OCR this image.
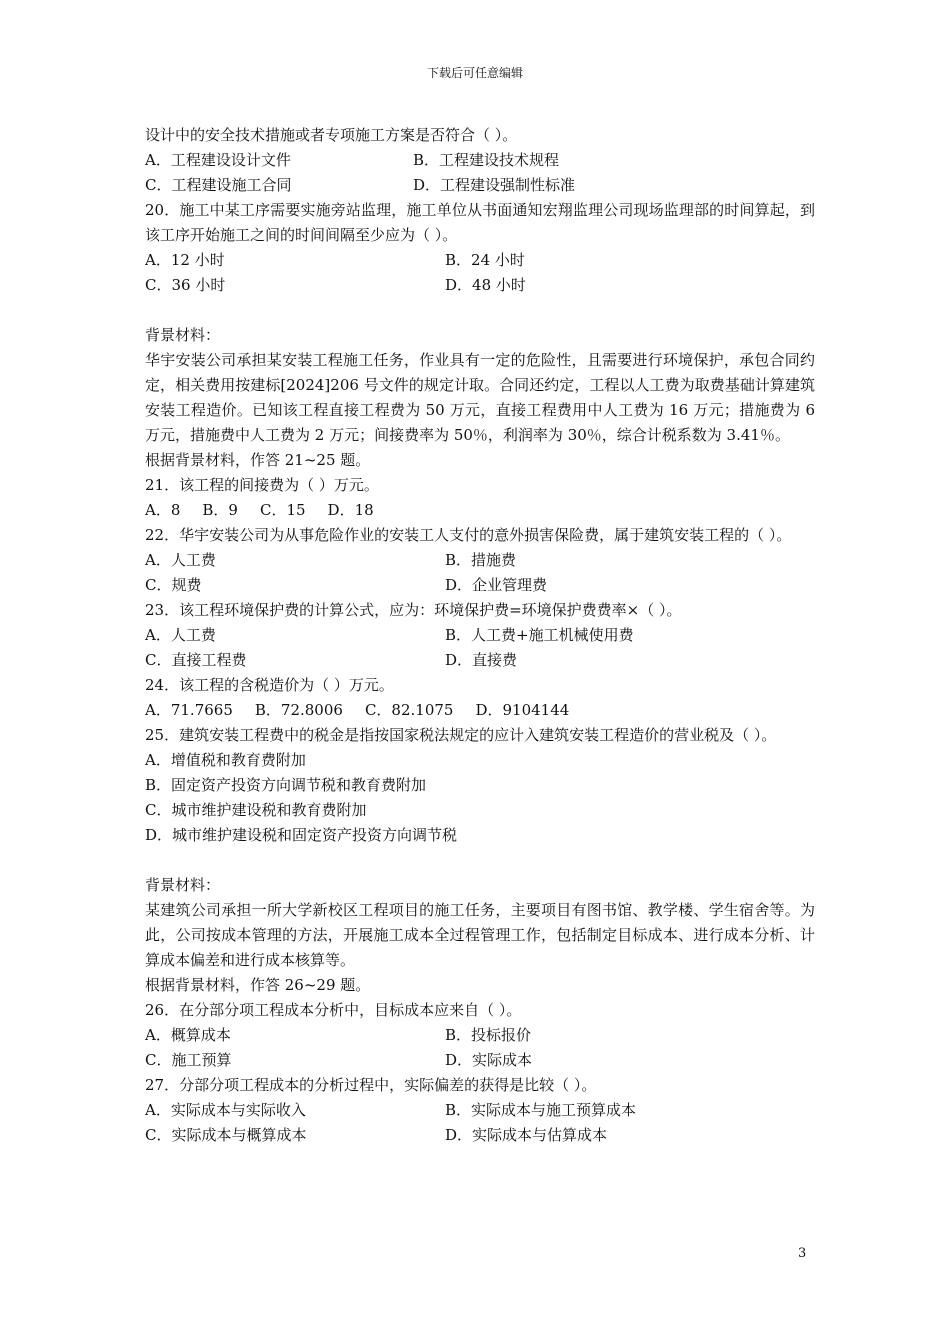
下载后可任意编辑
设计中的安全技术措施或者专项施工方案是否符合（ ）。
A．工程建设设计文件	B．工程建设技术规程
C．工程建设施工合同	D．工程建设强制性标准
20．施工中某工序需要实施旁站监理，施工单位从书面通知宏翔监理公司现场监理部的时间算起，到该工序开始施工之间的时间间隔至少应为（ ）。
A．12 小时	B．24 小时
C．36 小时	D．48 小时
背景材料：
华宇安装公司承担某安装工程施工任务，作业具有一定的危险性，且需要进行环境保护，承包合同约定，相关费用按建标[2024]206 号文件的规定计取。合同还约定，工程以人工费为取费基础计算建筑安装工程造价。已知该工程直接工程费为 50 万元，直接工程费用中人工费为 16 万元；措施费为 6 万元，措施费中人工费为 2 万元；间接费率为 50％，利润率为 30％，综合计税系数为 3.41％。
根据背景材料，作答 21~25 题。
21．该工程的间接费为（ ）万元。
A．8 B．9 C．15 D．18
22．华宇安装公司为从事危险作业的安装工人支付的意外损害保险费，属于建筑安装工程的（ ）。
A．人工费	B．措施费
C．规费	D．企业管理费
23．该工程环境保护费的计算公式，应为：环境保护费=环境保护费费率×（ ）。
A．人工费	B．人工费+施工机械使用费
C．直接工程费	D．直接费
24．该工程的含税造价为（ ）万元。
A．71.7665 B．72.8006 C．82.1075 D．9104144
25．建筑安装工程费中的税金是指按国家税法规定的应计入建筑安装工程造价的营业税及（ ）。
A．增值税和教育费附加
B．固定资产投资方向调节税和教育费附加
C．城市维护建设税和教育费附加
D．城市维护建设税和固定资产投资方向调节税
背景材料：
某建筑公司承担一所大学新校区工程项目的施工任务，主要项目有图书馆、教学楼、学生宿舍等。为此，公司按成本管理的方法，开展施工成本全过程管理工作，包括制定目标成本、进行成本分析、计算成本偏差和进行成本核算等。
根据背景材料，作答 26~29 题。
26．在分部分项工程成本分析中，目标成本应来自（ ）。
A．概算成本	B．投标报价
C．施工预算	D．实际成本
27．分部分项工程成本的分析过程中，实际偏差的获得是比较（ ）。
A．实际成本与实际收入	B．实际成本与施工预算成本
C．实际成本与概算成本	D．实际成本与估算成本
3
